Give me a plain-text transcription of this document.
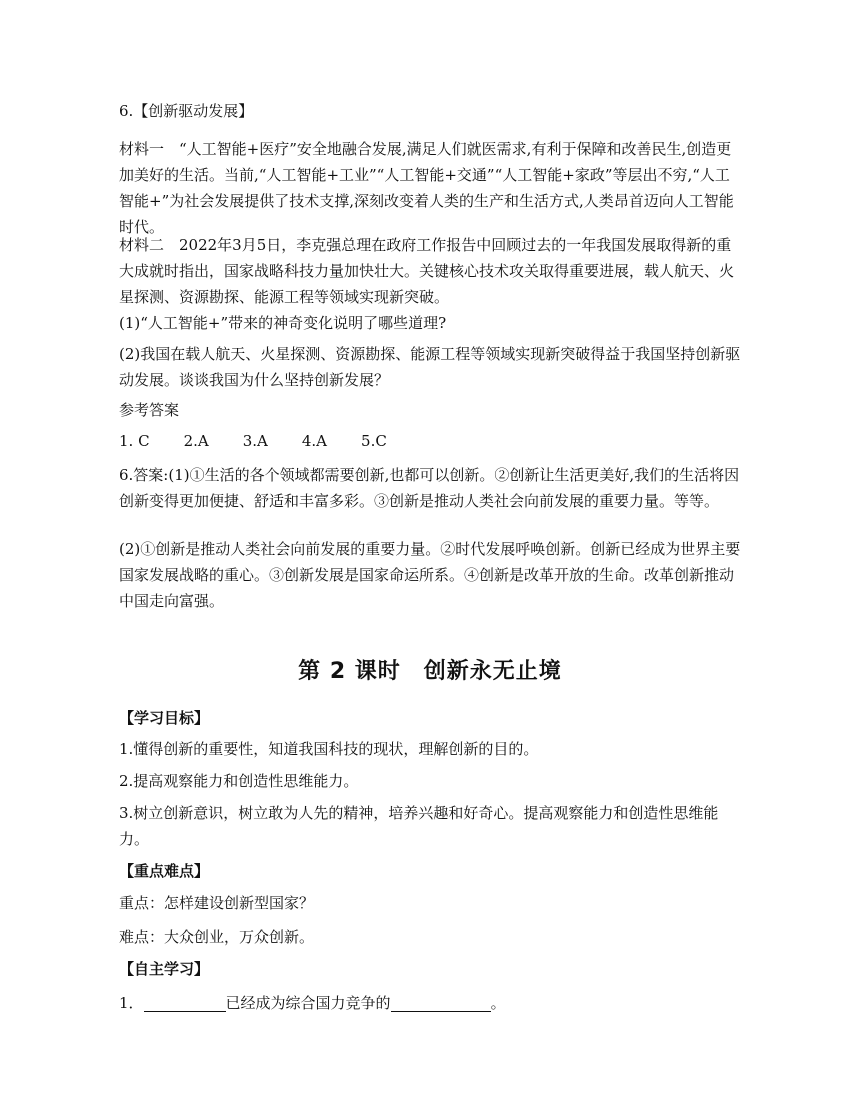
6.【创新驱动发展】

材料一　“人工智能+医疗”安全地融合发展,满足人们就医需求,有利于保障和改善民生,创造更加美好的生活。当前,“人工智能+工业”“人工智能+交通”“人工智能+家政”等层出不穷,“人工智能+”为社会发展提供了技术支撑,深刻改变着人类的生产和生活方式,人类昂首迈向人工智能时代。

材料二　2022年3月5日，李克强总理在政府工作报告中回顾过去的一年我国发展取得新的重大成就时指出，国家战略科技力量加快壮大。关键核心技术攻关取得重要进展，载人航天、火星探测、资源勘探、能源工程等领域实现新突破。

(1)“人工智能+”带来的神奇变化说明了哪些道理?

(2)我国在载人航天、火星探测、资源勘探、能源工程等领域实现新突破得益于我国坚持创新驱动发展。谈谈我国为什么坚持创新发展？

参考答案

1. C 2.A 3.A 4.A 5.C

6.答案:(1)①生活的各个领域都需要创新,也都可以创新。②创新让生活更美好,我们的生活将因创新变得更加便捷、舒适和丰富多彩。③创新是推动人类社会向前发展的重要力量。等等。

(2)①创新是推动人类社会向前发展的重要力量。②时代发展呼唤创新。创新已经成为世界主要国家发展战略的重心。③创新发展是国家命运所系。④创新是改革开放的生命。改革创新推动中国走向富强。

第 2 课时　创新永无止境

【学习目标】

1.懂得创新的重要性，知道我国科技的现状，理解创新的目的。

2.提高观察能力和创造性思维能力。

3.树立创新意识，树立敢为人先的精神，培养兴趣和好奇心。提高观察能力和创造性思维能力。

【重点难点】

重点：怎样建设创新型国家？

难点：大众创业，万众创新。

【自主学习】

1．	已经成为综合国力竞争的	。
